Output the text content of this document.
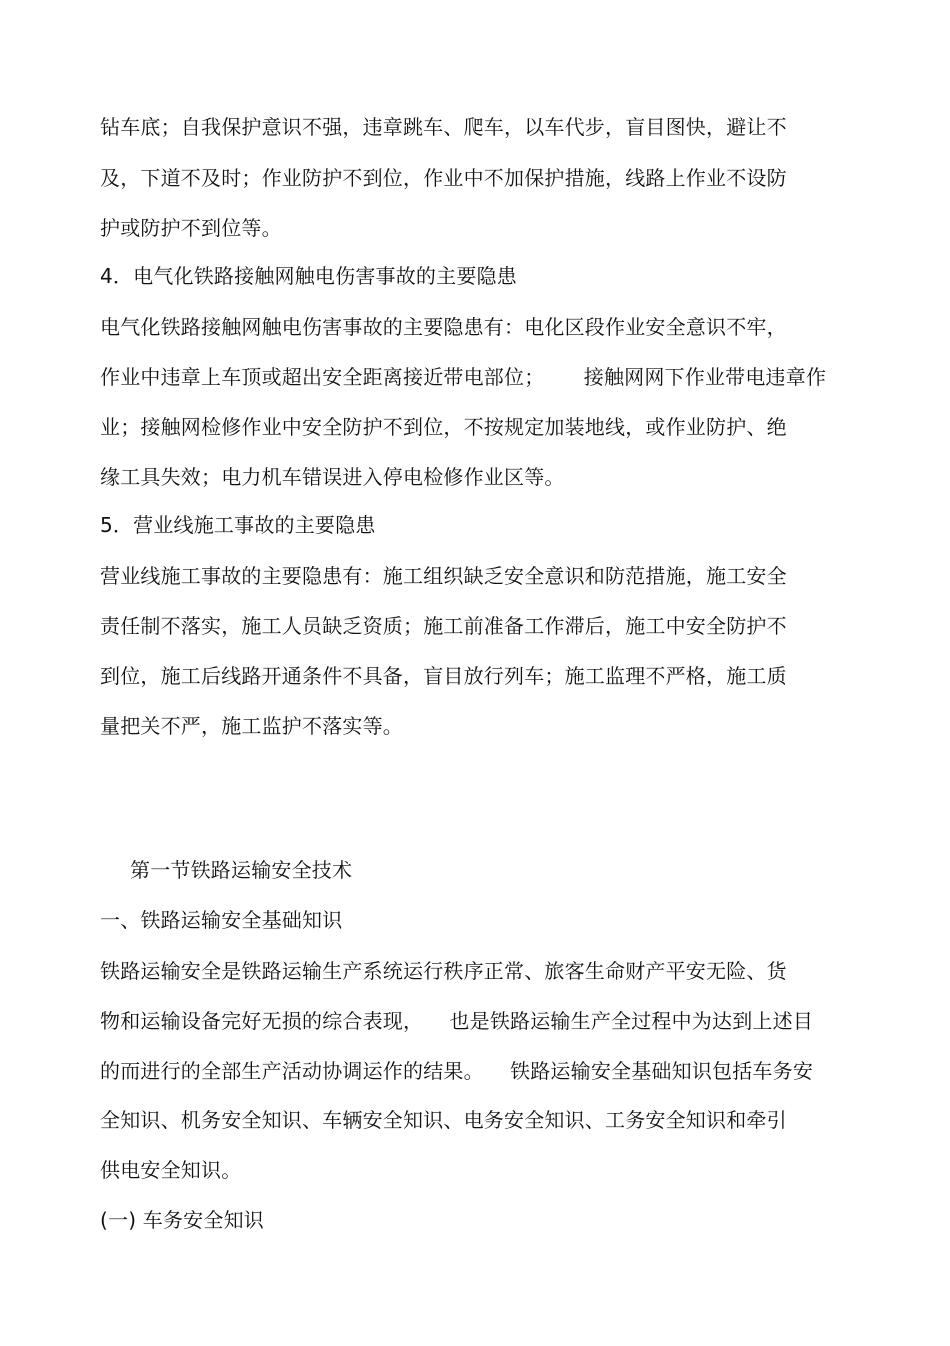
钻车底；自我保护意识不强，违章跳车、爬车，以车代步，盲目图快，避让不
及，下道不及时；作业防护不到位，作业中不加保护措施，线路上作业不设防
护或防护不到位等。
4．电气化铁路接触网触电伤害事故的主要隐患
电气化铁路接触网触电伤害事故的主要隐患有：电化区段作业安全意识不牢，
作业中违章上车顶或超出安全距离接近带电部位；      接触网网下作业带电违章作
业；接触网检修作业中安全防护不到位，不按规定加装地线，或作业防护、绝
缘工具失效；电力机车错误进入停电检修作业区等。
5．营业线施工事故的主要隐患
营业线施工事故的主要隐患有：施工组织缺乏安全意识和防范措施，施工安全
责任制不落实，施工人员缺乏资质；施工前准备工作滞后，施工中安全防护不
到位，施工后线路开通条件不具备，盲目放行列车；施工监理不严格，施工质
量把关不严，施工监护不落实等。
第一节铁路运输安全技术
一、铁路运输安全基础知识
铁路运输安全是铁路运输生产系统运行秩序正常、旅客生命财产平安无险、货
物和运输设备完好无损的综合表现，    也是铁路运输生产全过程中为达到上述目
的而进行的全部生产活动协调运作的结果。    铁路运输安全基础知识包括车务安
全知识、机务安全知识、车辆安全知识、电务安全知识、工务安全知识和牵引
供电安全知识。
(一) 车务安全知识
